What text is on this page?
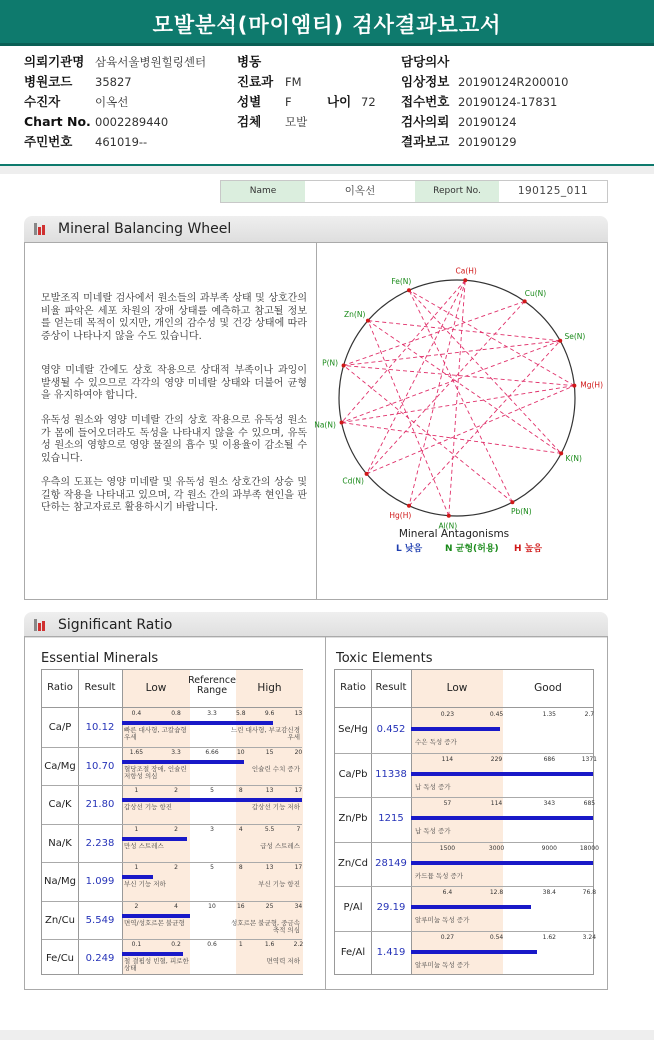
모발분석(마이엠티) 검사결과보고서
의뢰기관명 삼육서울병원힐링센터
병원코드 35827
수진자	이옥선
Chart No. 0002289440
주민번호 461019--
병동
진료과 FM
성별 F
검체 모발
나이 72
담당의사
임상정보 20190124R200010
접수번호 20190124-17831
검사의뢰 20190124
결과보고 20190129
Name	이옥선	Report No.	190125_011
Mineral Balancing Wheel

모발조직 미네랄 검사에서 원소들의 과부족 상태 및 상호간의 비율 파악은 세포 차원의 장애 상태를 예측하고 참고될 정보를 얻는데 목적이 있지만, 개인의 감수성 및 건강 상태에 따라 증상이 나타나지 않을 수도 있습니다.

영양 미네랄 간에도 상호 작용으로 상대적 부족이나 과잉이 발생될 수 있으므로 각각의 영양 미네랄 상태와 더불어 균형을 유지하여야 합니다.

유독성 원소와 영양 미네랄 간의 상호 작용으로 유독성 원소가 몸에 들어오더라도 독성을 나타내지 않을 수 있으며, 유독성 원소의 영향으로 영양 물질의 흡수 및 이용율이 감소될 수 있습니다.

우측의 도표는 영양 미네랄 및 유독성 원소 상호간의 상승 및 길항 작용을 나타내고 있으며, 각 원소 간의 과부족 현인을 판단하는 참고자료로 활용하시기 바랍니다.

Ca(H)
Cu(N)
Se(N)
Mg(H)
K(N)
Pb(N)
Al(N)
Hg(H)
Cd(N)
Na(N)
P(N)
Zn(N)
Fe(N)
Mineral Antagonisms
L 낮음	N 균형(허용) H 높음
Significant Ratio
Essential Minerals	Toxic Elements
Ratio	Result	Low
Reference Range	High
Ca/P	10.12
0.4	0.8	3.3	5.8	9.6	13
빠른 대사형, 고칼슘형 우세
느린 대사형, 부교감신경 우세
Ca/Mg 10.70
1.65	3.3	6.66	10	15	20
혈당조절 장애, 인슐린 저항성 의심
인슐린 수치 증가
Ca/K	21.80
1	2	5	8	13	17
갑상선 기능 항진	갑상선 기능 저하
Na/K	2.238
1	2	3	4	5.5	7
만성 스트레스	급성 스트레스
Na/Mg 1.099
1	2	5	8	13	17
부신 기능 저하	부신 기능 항진
Zn/Cu	5.549
2	4	10	16	25	34
면역/성호르몬 불균형	성호르몬 불균형, 중금속 축적 의심
Fe/Cu	0.249
0.1	0.2	0.6	1	1.6	2.2
철 결핍성 빈혈, 피로한 상태
면역력 저하
Ratio Result	Low	Good
Se/Hg 0.452
0.23	0.45	1.35	2.7
수은 독성 증가
Ca/Pb 11338
114	229	686	1371
납 독성 증가
Zn/Pb	1215
57	114	343	685
납 독성 증가
Zn/Cd 28149
1500	3000	9000	18000
카드뮴 독성 증가
P/Al	29.19
6.4	12.8	38.4	76.8
알루미늄 독성 증가
Fe/Al	1.419
0.27	0.54	1.62	3.24
알루미늄 독성 증가
